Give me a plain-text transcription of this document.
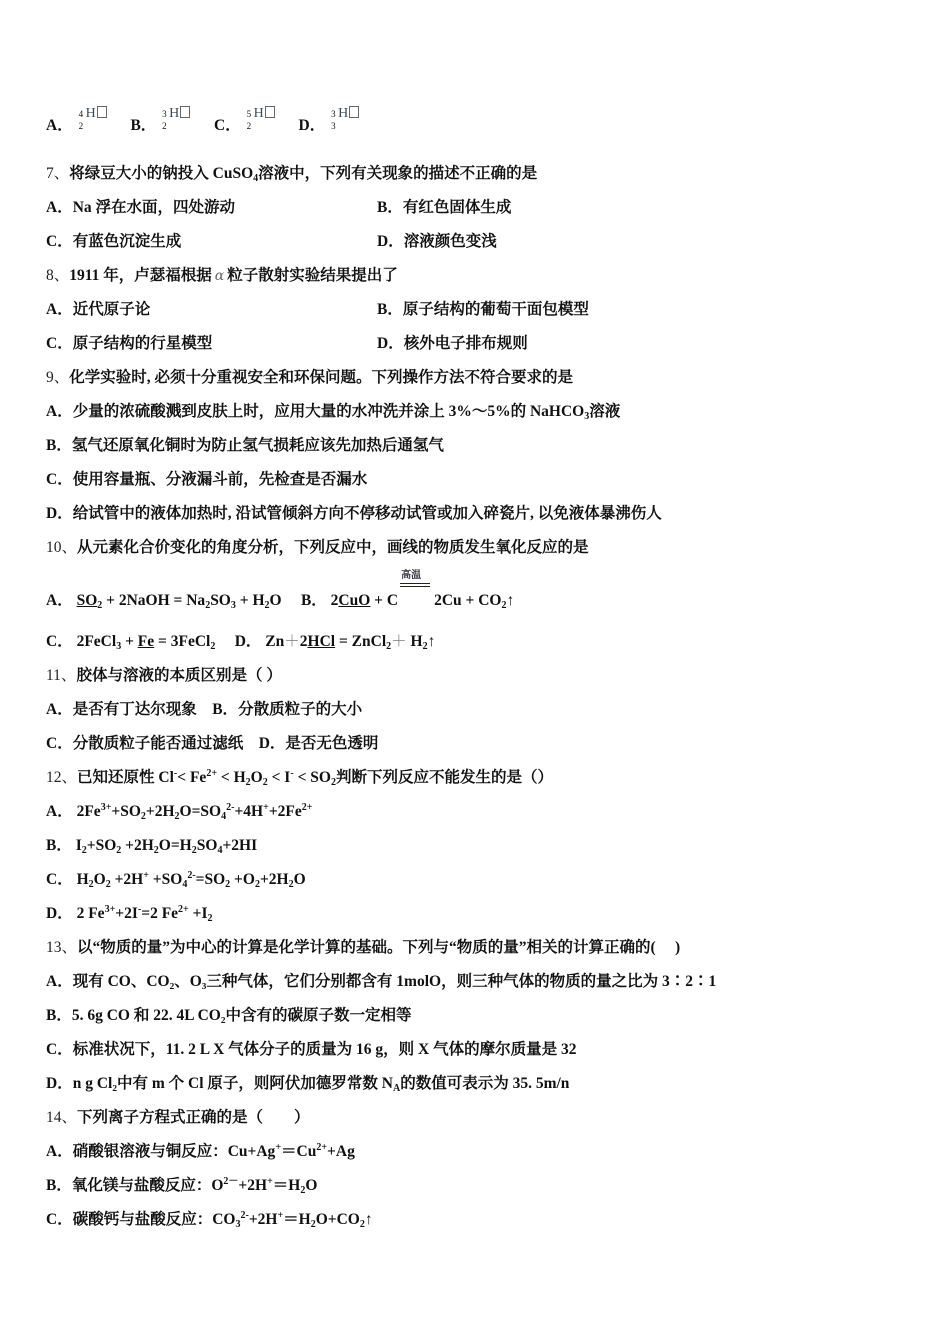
A．
4
2
H
B．
3
2
H
C．
5
2
H
D．
3
3
H
7、将绿豆大小的钠投入 CuSO$_4$溶液中，下列有关现象的描述不正确的是
A．Na 浮在水面，四处游动	B．有红色固体生成
C．有蓝色沉淀生成	D．溶液颜色变浅
8、1911 年，卢瑟福根据 α 粒子散射实验结果提出了
A．近代原子论	B．原子结构的葡萄干面包模型
C．原子结构的行星模型	D．核外电子排布规则
9、化学实验时, 必须十分重视安全和环保问题。下列操作方法不符合要求的是
A．少量的浓硫酸溅到皮肤上时，应用大量的水冲洗并涂上 3%～5%的 NaHCO$_3$溶液
B．氢气还原氧化铜时为防止氢气损耗应该先加热后通氢气
C．使用容量瓶、分液漏斗前，先检查是否漏水
D．给试管中的液体加热时, 沿试管倾斜方向不停移动试管或加入碎瓷片, 以免液体暴沸伤人
10、从元素化合价变化的角度分析，下列反应中，画线的物质发生氧化反应的是
A． $SO_2$ + 2NaOH = $Na_2SO_3 + H_2O$ B． 2CuO + C
高温
$2Cu + CO_2↑$
C． 2FeCl$_3$ + Fe = 3FeCl$_2$ D． Zn＋2HCl = ZnCl$_2$＋ $H_2↑$
11、胶体与溶液的本质区别是（ ）
A．是否有丁达尔现象 B．分散质粒子的大小
C．分散质粒子能否通过滤纸 D．是否无色透明
12、已知还原性 $Cl^-< Fe^{2+} < H_2O_2 < I^- < SO_2$判断下列反应不能发生的是（）
A． $2Fe^{3+}+SO_2+2H_2O=SO_4^{2-}+4H^++2Fe^{2+}$
B． $I_2+SO_2 +2H_2O=H_2SO_4+2HI$
C． $H_2O_2 +2H^+ +SO_4^{2-}=SO_2 +O_2+2H_2O$
D． 2 $Fe^{3+}+2I^-=2$ $Fe^{2+} +I_2$
13、以“物质的量”为中心的计算是化学计算的基础。下列与“物质的量”相关的计算正确的(　 )
A．现有 CO、CO₂、O₃三种气体，它们分别都含有 1molO，则三种气体的物质的量之比为 3∶2∶1
B．5. 6g CO 和 22. 4L CO₂中含有的碳原子数一定相等
C．标准状况下，11. 2 L X 气体分子的质量为 16 g，则 X 气体的摩尔质量是 32
D．n g Cl₂中有 m 个 Cl 原子，则阿伏加德罗常数 $N_A$的数值可表示为 35. 5m/n
14、下列离子方程式正确的是（　　）
A．硝酸银溶液与铜反应：$Cu+Ag^+=Cu^{2+}+Ag$
B．氧化镁与盐酸反应：$O^{2-}+2H^+=H_2O$
C．碳酸钙与盐酸反应：$CO_3^{2-}+2H^+=H_2O+CO_2↑$
